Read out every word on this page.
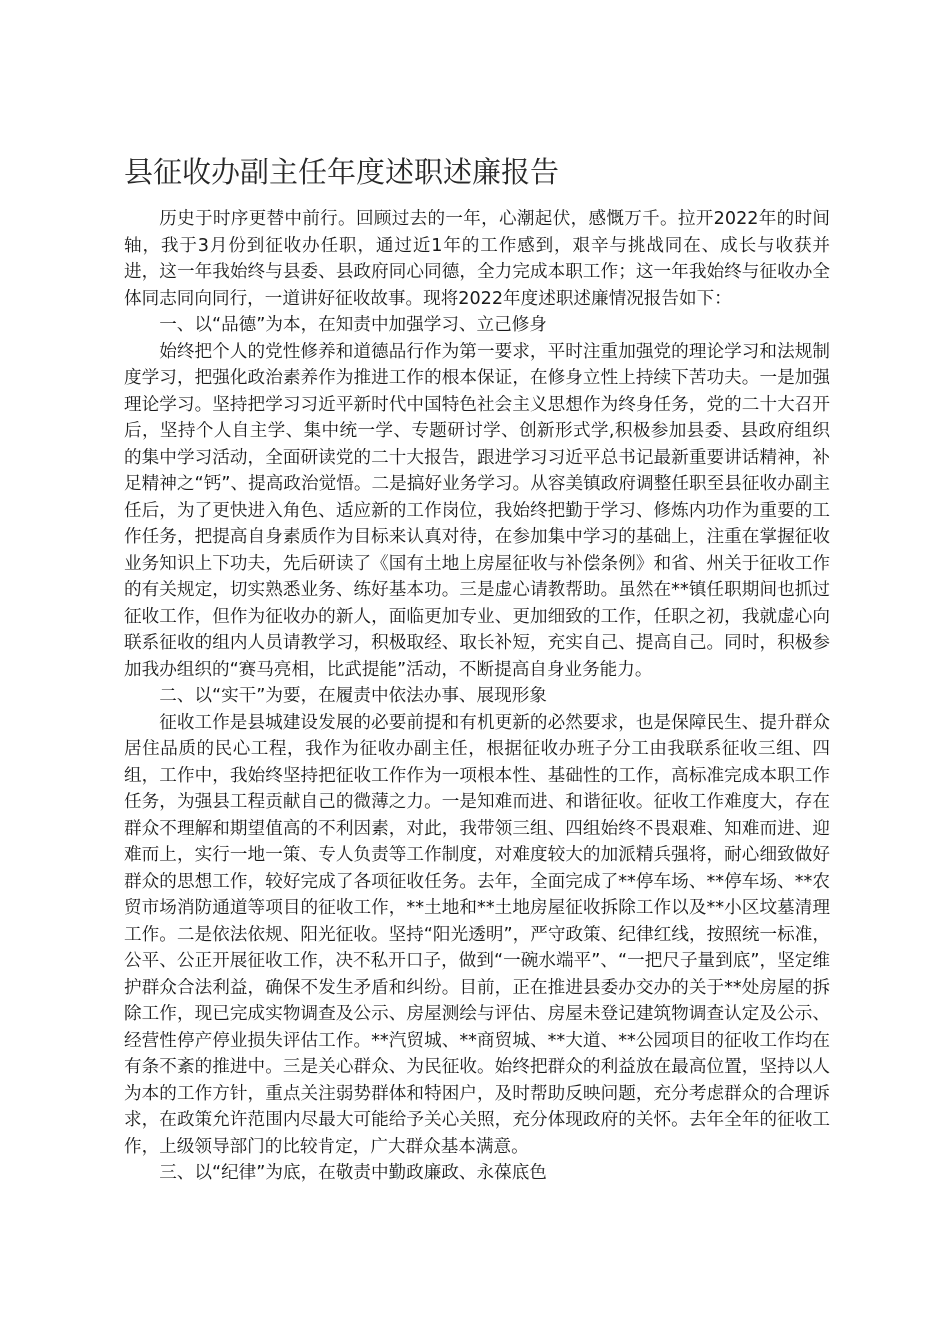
县征收办副主任年度述职述廉报告

历史于时序更替中前行。回顾过去的一年，心潮起伏，感慨万千。拉开2022年的时间轴，我于3月份到征收办任职，通过近1年的工作感到，艰辛与挑战同在、成长与收获并进，这一年我始终与县委、县政府同心同德，全力完成本职工作；这一年我始终与征收办全体同志同向同行，一道讲好征收故事。现将2022年度述职述廉情况报告如下：

一、以“品德”为本，在知责中加强学习、立己修身

始终把个人的党性修养和道德品行作为第一要求，平时注重加强党的理论学习和法规制度学习，把强化政治素养作为推进工作的根本保证，在修身立性上持续下苦功夫。一是加强理论学习。坚持把学习习近平新时代中国特色社会主义思想作为终身任务，党的二十大召开后，坚持个人自主学、集中统一学、专题研讨学、创新形式学,积极参加县委、县政府组织的集中学习活动，全面研读党的二十大报告，跟进学习习近平总书记最新重要讲话精神，补足精神之“钙”、提高政治觉悟。二是搞好业务学习。从容美镇政府调整任职至县征收办副主任后，为了更快进入角色、适应新的工作岗位，我始终把勤于学习、修炼内功作为重要的工作任务，把提高自身素质作为目标来认真对待，在参加集中学习的基础上，注重在掌握征收业务知识上下功夫，先后研读了《国有土地上房屋征收与补偿条例》和省、州关于征收工作的有关规定，切实熟悉业务、练好基本功。三是虚心请教帮助。虽然在**镇任职期间也抓过征收工作，但作为征收办的新人，面临更加专业、更加细致的工作，任职之初，我就虚心向联系征收的组内人员请教学习，积极取经、取长补短，充实自己、提高自己。同时，积极参加我办组织的“赛马亮相，比武提能”活动，不断提高自身业务能力。

二、以“实干”为要，在履责中依法办事、展现形象

征收工作是县城建设发展的必要前提和有机更新的必然要求，也是保障民生、提升群众居住品质的民心工程，我作为征收办副主任，根据征收办班子分工由我联系征收三组、四组，工作中，我始终坚持把征收工作作为一项根本性、基础性的工作，高标准完成本职工作任务，为强县工程贡献自己的微薄之力。一是知难而进、和谐征收。征收工作难度大，存在群众不理解和期望值高的不利因素，对此，我带领三组、四组始终不畏艰难、知难而进、迎难而上，实行一地一策、专人负责等工作制度，对难度较大的加派精兵强将，耐心细致做好群众的思想工作，较好完成了各项征收任务。去年，全面完成了**停车场、**停车场、**农贸市场消防通道等项目的征收工作，**土地和**土地房屋征收拆除工作以及**小区坟墓清理工作。二是依法依规、阳光征收。坚持“阳光透明”，严守政策、纪律红线，按照统一标准，公平、公正开展征收工作，决不私开口子，做到“一碗水端平”、“一把尺子量到底”，坚定维护群众合法利益，确保不发生矛盾和纠纷。目前，正在推进县委办交办的关于**处房屋的拆除工作，现已完成实物调查及公示、房屋测绘与评估、房屋未登记建筑物调查认定及公示、经营性停产停业损失评估工作。**汽贸城、**商贸城、**大道、**公园项目的征收工作均在有条不紊的推进中。三是关心群众、为民征收。始终把群众的利益放在最高位置，坚持以人为本的工作方针，重点关注弱势群体和特困户，及时帮助反映问题，充分考虑群众的合理诉求，在政策允许范围内尽最大可能给予关心关照，充分体现政府的关怀。去年全年的征收工作，上级领导部门的比较肯定，广大群众基本满意。

三、以“纪律”为底，在敬责中勤政廉政、永葆底色
